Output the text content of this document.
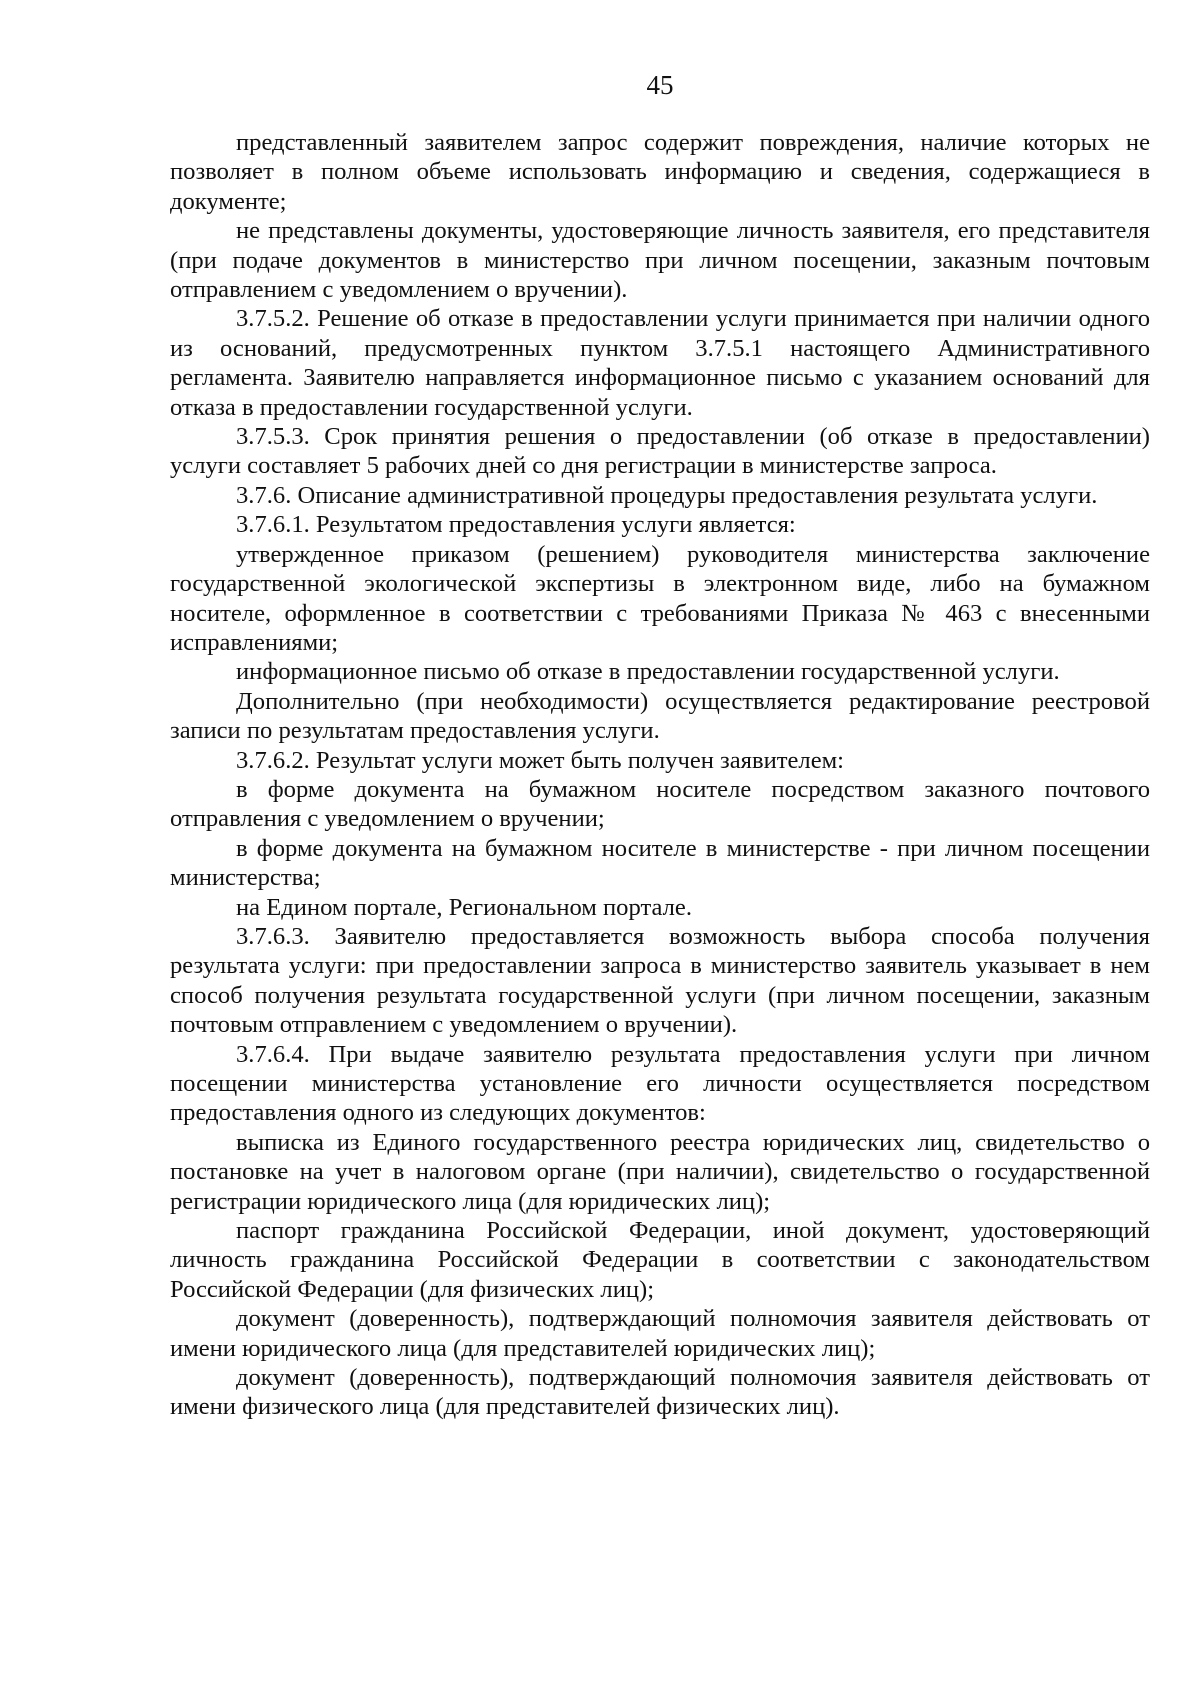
45

представленный заявителем запрос содержит повреждения, наличие которых не позволяет в полном объеме использовать информацию и сведения, содержащиеся в документе;

не представлены документы, удостоверяющие личность заявителя, его представителя (при подаче документов в министерство при личном посещении, заказным почтовым отправлением с уведомлением о вручении).

3.7.5.2. Решение об отказе в предоставлении услуги принимается при наличии одного из оснований, предусмотренных пунктом 3.7.5.1 настоящего Административного регламента. Заявителю направляется информационное письмо с указанием оснований для отказа в предоставлении государственной услуги.

3.7.5.3. Срок принятия решения о предоставлении (об отказе в предоставлении) услуги составляет 5 рабочих дней со дня регистрации в министерстве запроса.

3.7.6. Описание административной процедуры предоставления результата услуги.

3.7.6.1. Результатом предоставления услуги является:

утвержденное приказом (решением) руководителя министерства заключение государственной экологической экспертизы в электронном виде, либо на бумажном носителе, оформленное в соответствии с требованиями Приказа № 463 с внесенными исправлениями;

информационное письмо об отказе в предоставлении государственной услуги.

Дополнительно (при необходимости) осуществляется редактирование реестровой записи по результатам предоставления услуги.

3.7.6.2. Результат услуги может быть получен заявителем:

в форме документа на бумажном носителе посредством заказного почтового отправления с уведомлением о вручении;

в форме документа на бумажном носителе в министерстве - при личном посещении министерства;

на Едином портале, Региональном портале.

3.7.6.3. Заявителю предоставляется возможность выбора способа получения результата услуги: при предоставлении запроса в министерство заявитель указывает в нем способ получения результата государственной услуги (при личном посещении, заказным почтовым отправлением с уведомлением о вручении).

3.7.6.4. При выдаче заявителю результата предоставления услуги при личном посещении министерства установление его личности осуществляется посредством предоставления одного из следующих документов:

выписка из Единого государственного реестра юридических лиц, свидетельство о постановке на учет в налоговом органе (при наличии), свидетельство о государственной регистрации юридического лица (для юридических лиц);

паспорт гражданина Российской Федерации, иной документ, удостоверяющий личность гражданина Российской Федерации в соответствии с законодательством Российской Федерации (для физических лиц);

документ (доверенность), подтверждающий полномочия заявителя действовать от имени юридического лица (для представителей юридических лиц);

документ (доверенность), подтверждающий полномочия заявителя действовать от имени физического лица (для представителей физических лиц).
